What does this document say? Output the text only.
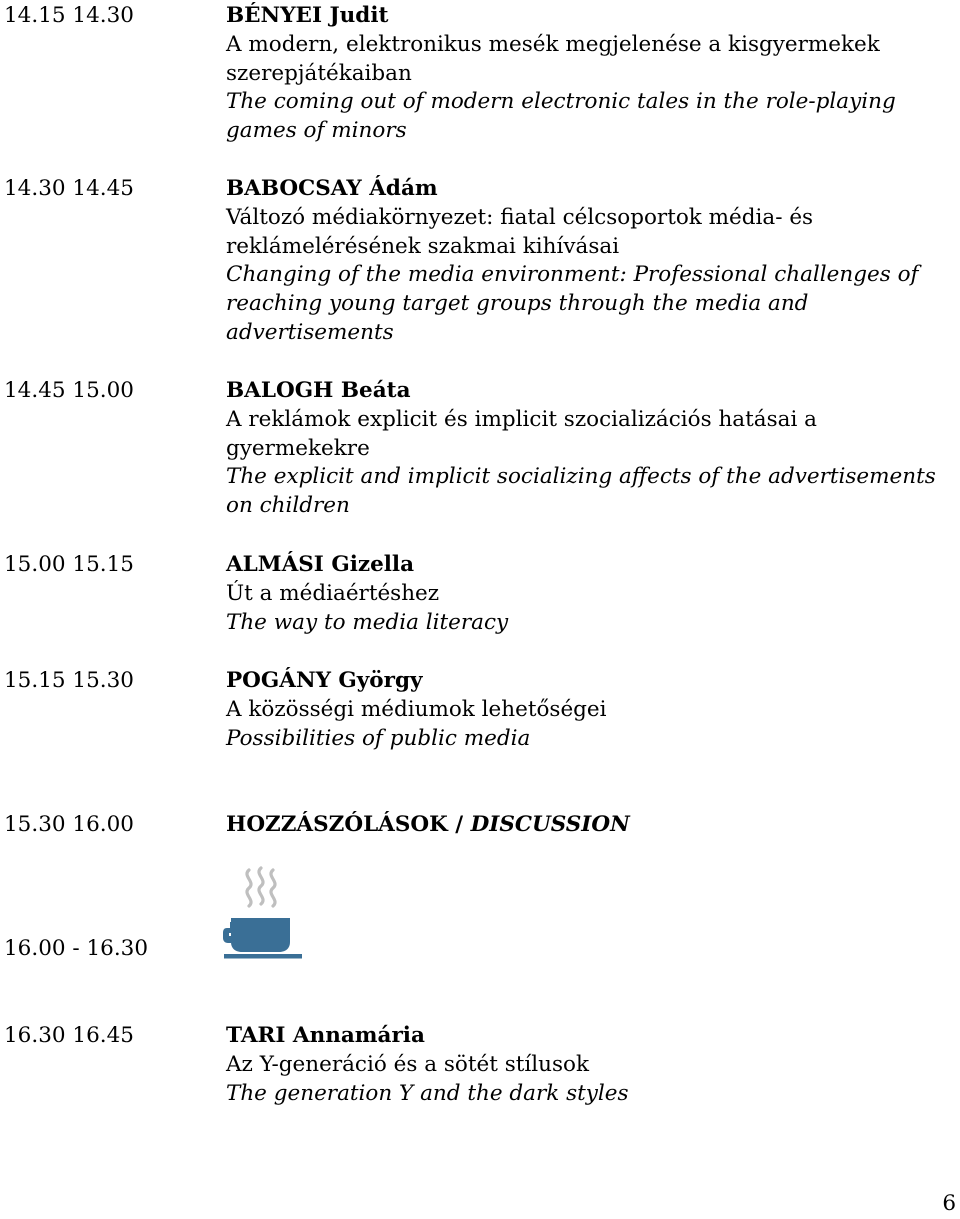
14.15 14.30	BÉNYEI Judit
A modern, elektronikus mesék megjelenése a kisgyermekek szerepjátékaiban
The coming out of modern electronic tales in the role-playing games of minors
14.30 14.45	BABOCSAY Ádám
Változó médiakörnyezet: fiatal célcsoportok média- és reklámelérésének szakmai kihívásai
Changing of the media environment: Professional challenges of reaching young target groups through the media and advertisements
14.45 15.00	BALOGH Beáta
A reklámok explicit és implicit szocializációs hatásai a gyermekekre
The explicit and implicit socializing affects of the advertisements on children
15.00 15.15	ALMÁSI Gizella
Út a médiaértéshez
The way to media literacy
15.15 15.30	POGÁNY György
A közösségi médiumok lehetőségei
Possibilities of public media
15.30 16.00	HOZZÁSZÓLÁSOK / DISCUSSION
16.00 - 16.30
16.30 16.45	TARI Annamária
Az Y-generáció és a sötét stílusok
The generation Y and the dark styles
6
